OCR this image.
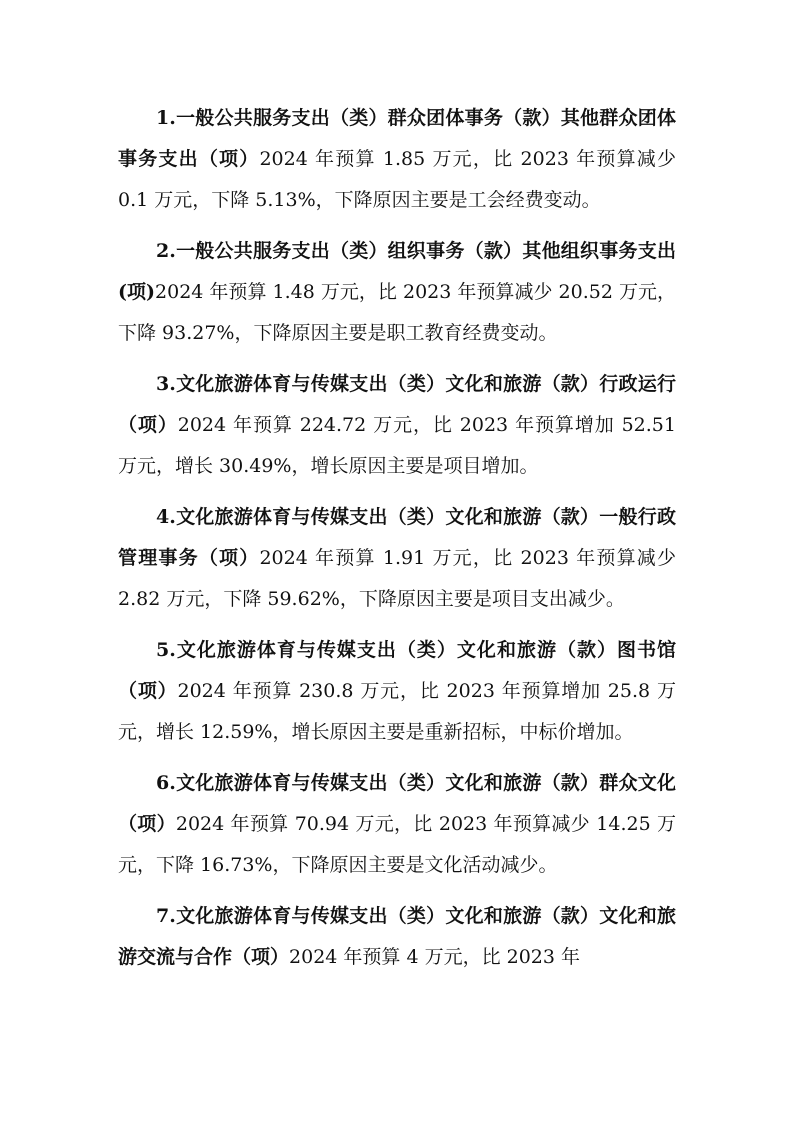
1.一般公共服务支出（类）群众团体事务（款）其他群众团体事务支出（项）2024 年预算 1.85 万元，比 2023 年预算减少 0.1 万元，下降 5.13%，下降原因主要是工会经费变动。

2.一般公共服务支出（类）组织事务（款）其他组织事务支出(项)2024 年预算 1.48 万元，比 2023 年预算减少 20.52 万元，下降 93.27%，下降原因主要是职工教育经费变动。

3.文化旅游体育与传媒支出（类）文化和旅游（款）行政运行（项）2024 年预算 224.72 万元，比 2023 年预算增加 52.51 万元，增长 30.49%，增长原因主要是项目增加。

4.文化旅游体育与传媒支出（类）文化和旅游（款）一般行政管理事务（项）2024 年预算 1.91 万元，比 2023 年预算减少 2.82 万元，下降 59.62%，下降原因主要是项目支出减少。

5.文化旅游体育与传媒支出（类）文化和旅游（款）图书馆（项）2024 年预算 230.8 万元，比 2023 年预算增加 25.8 万元，增长 12.59%，增长原因主要是重新招标，中标价增加。

6.文化旅游体育与传媒支出（类）文化和旅游（款）群众文化（项）2024 年预算 70.94 万元，比 2023 年预算减少 14.25 万元，下降 16.73%，下降原因主要是文化活动减少。

7.文化旅游体育与传媒支出（类）文化和旅游（款）文化和旅游交流与合作（项）2024 年预算 4 万元，比 2023 年
